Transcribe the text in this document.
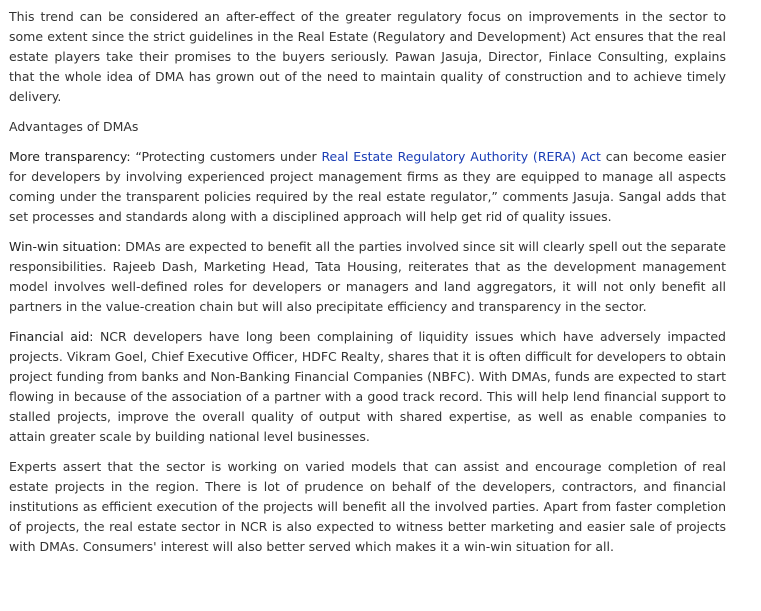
This trend can be considered an after-effect of the greater regulatory focus on improvements in the sector to some extent since the strict guidelines in the Real Estate (Regulatory and Development) Act ensures that the real estate players take their promises to the buyers seriously. Pawan Jasuja, Director, Finlace Consulting, explains that the whole idea of DMA has grown out of the need to maintain quality of construction and to achieve timely delivery.

Advantages of DMAs

More transparency: “Protecting customers under Real Estate Regulatory Authority (RERA) Act can become easier for developers by involving experienced project management firms as they are equipped to manage all aspects coming under the transparent policies required by the real estate regulator,” comments Jasuja. Sangal adds that set processes and standards along with a disciplined approach will help get rid of quality issues.

Win-win situation: DMAs are expected to benefit all the parties involved since sit will clearly spell out the separate responsibilities. Rajeeb Dash, Marketing Head, Tata Housing, reiterates that as the development management model involves well-defined roles for developers or managers and land aggregators, it will not only benefit all partners in the value-creation chain but will also precipitate efficiency and transparency in the sector.

Financial aid: NCR developers have long been complaining of liquidity issues which have adversely impacted projects. Vikram Goel, Chief Executive Officer, HDFC Realty, shares that it is often difficult for developers to obtain project funding from banks and Non-Banking Financial Companies (NBFC). With DMAs, funds are expected to start flowing in because of the association of a partner with a good track record. This will help lend financial support to stalled projects, improve the overall quality of output with shared expertise, as well as enable companies to attain greater scale by building national level businesses.

Experts assert that the sector is working on varied models that can assist and encourage completion of real estate projects in the region. There is lot of prudence on behalf of the developers, contractors, and financial institutions as efficient execution of the projects will benefit all the involved parties. Apart from faster completion of projects, the real estate sector in NCR is also expected to witness better marketing and easier sale of projects with DMAs. Consumers' interest will also better served which makes it a win-win situation for all.
